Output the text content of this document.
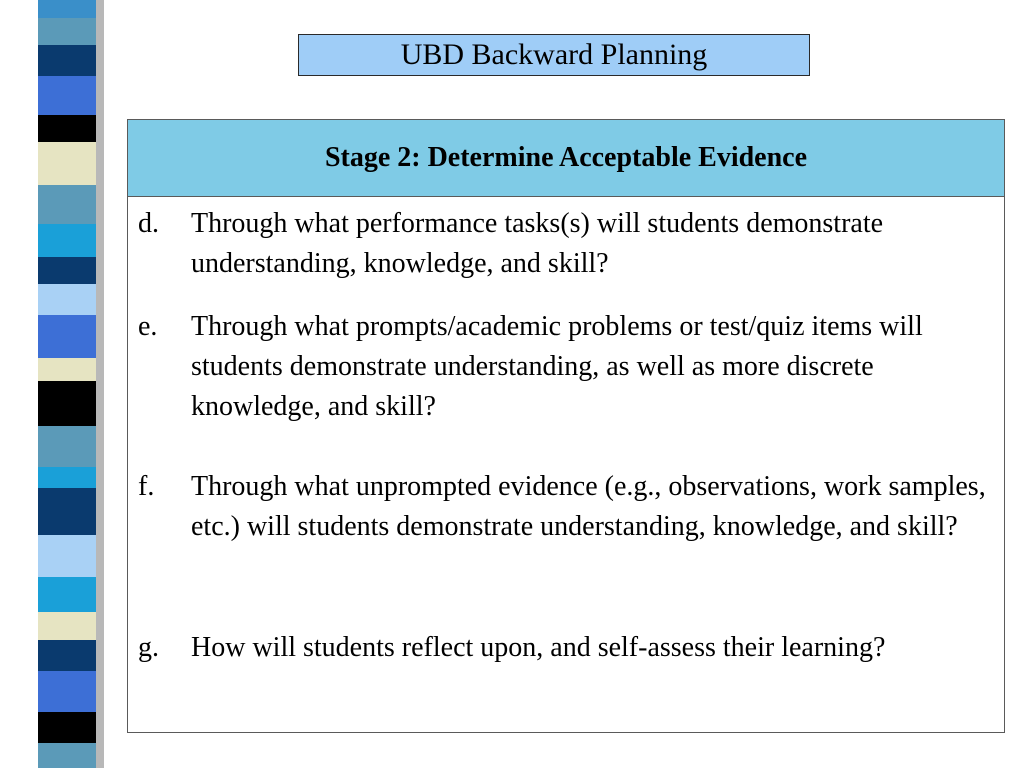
UBD Backward Planning
Stage 2: Determine Acceptable Evidence
d.	Through what performance tasks(s) will students demonstrate understanding, knowledge, and skill?
e.	Through what prompts/academic problems or test/quiz items will students demonstrate understanding, as well as more discrete knowledge, and skill?
f.	Through what unprompted evidence (e.g., observations, work samples, etc.) will students demonstrate understanding, knowledge, and skill?
g.	How will students reflect upon, and self-assess their learning?
